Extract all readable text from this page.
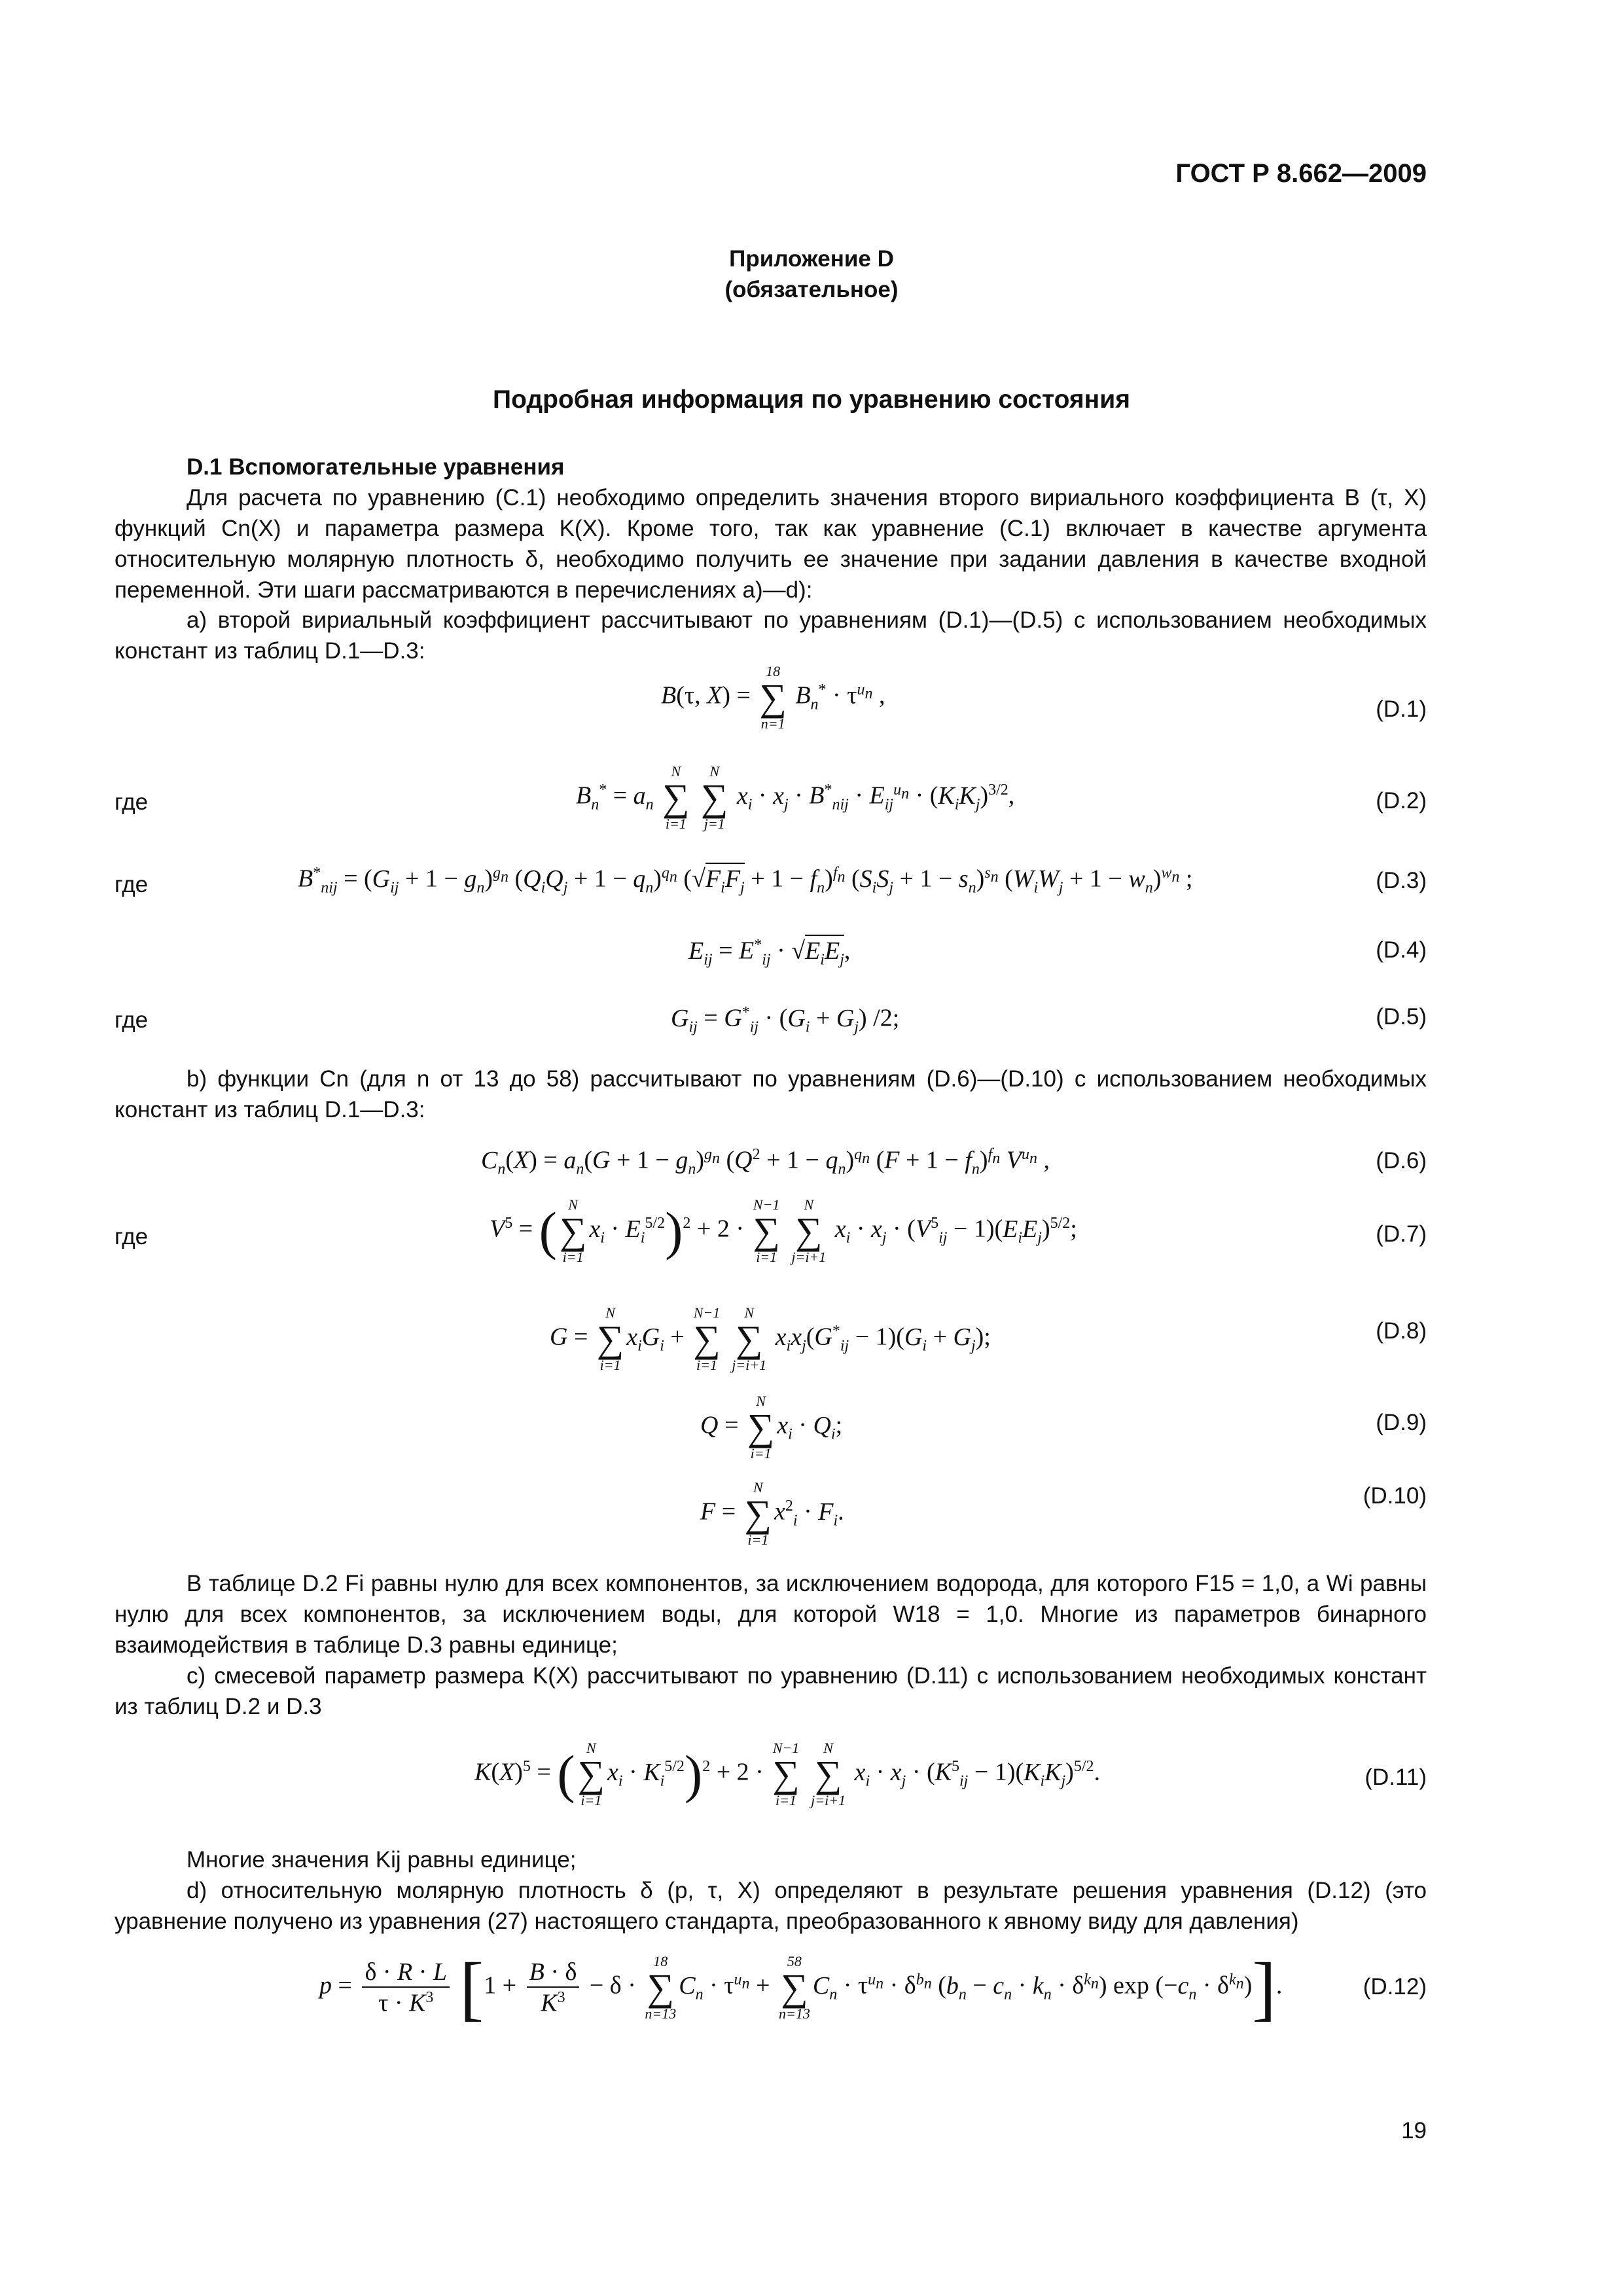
ГОСТ Р 8.662—2009
Приложение D
(обязательное)
Подробная информация по уравнению состояния
D.1 Вспомогательные уравнения
Для расчета по уравнению (С.1) необходимо определить значения второго вириального коэффициента B (τ, X) функций Cn(X) и параметра размера K(X). Кроме того, так как уравнение (С.1) включает в качестве аргумента относительную молярную плотность δ, необходимо получить ее значение при задании давления в качестве входной переменной. Эти шаги рассматриваются в перечислениях a)—d):
a) второй вириальный коэффициент рассчитывают по уравнениям (D.1)—(D.5) с использованием необходимых констант из таблиц D.1—D.3:
B(τ, X) =
18
∑
n=1
$B_n^* \cdot \tau^{u_n}$ ,	(D.1)
где	$B_n^* = a_n$
N
∑
i=1

N
∑
j=1
$x_i \cdot x_j \cdot B^*_{nij} \cdot E_{ij}^{u_n} \cdot (K_iK_j)^{3/2}$,	(D.2)
где	$B^*_{nij} = (G_{ij} + 1 - g_n)^{g_n}$ $(Q_iQ_j + 1 - q_n)^{q_n}$ $(√F_iF_j + 1 - f_n)^{f_n}$ $(S_iS_j + 1 - s_n)^{s_n}$ $(W_iW_j + 1 - w_n)^{w_n}$ ;	(D.3)
$E_{ij} = E^*_{ij} \cdot √E_iE_j$,	(D.4)
где	$G_{ij} = G^*_{ij} \cdot (G_i + G_j)$ /2;	(D.5)
b) функции Cn (для n от 13 до 58) рассчитывают по уравнениям (D.6)—(D.10) с использованием необходимых констант из таблиц D.1—D.3:
$C_n(X) = a_n(G + 1 - g_n)^{g_n}$ $(Q^2 + 1 - q_n)^{q_n}$ $(F + 1 - f_n)^{f_n}$ $V^{u_n}$ ,	(D.6)
где	$V^5$ = ( N
∑
i=1
$x_i \cdot E_i^{5/2})^2 + 2$ ·
N−1
∑
i=1

N
∑
j=i+1
$x_i \cdot x_j \cdot (V^5_{ij} - 1)(E_iE_j)^{5/2}$;	(D.7)
G =
N
∑
i=1
$x_iG_i$ +
N−1
∑
i=1

N
∑
j=i+1
$x_ix_j(G^*_{ij} - 1)(G_i + G_j)$;	(D.8)
Q =
N
∑
i=1
$x_i \cdot Q_i$;	(D.9)
F =
N
∑
i=1
$x^2_i \cdot F_i$.
(D.10)
В таблице D.2 Fi равны нулю для всех компонентов, за исключением водорода, для которого F15 = 1,0, а Wi равны нулю для всех компонентов, за исключением воды, для которой W18 = 1,0. Многие из параметров бинарного взаимодействия в таблице D.3 равны единице;
c) смесевой параметр размера K(X) рассчитывают по уравнению (D.11) с использованием необходимых констант из таблиц D.2 и D.3
$K(X)^5$ = ( N
∑
i=1
$x_i \cdot K_i^{5/2})^2 + 2$ ·
N−1
∑
i=1

N
∑
j=i+1
$x_i \cdot x_j \cdot (K^5_{ij} - 1)(K_iK_j)^{5/2}$.	(D.11)
Многие значения Kij равны единице;
d) относительную молярную плотность δ (p, τ, X) определяют в результате решения уравнения (D.12) (это уравнение получено из уравнения (27) настоящего стандарта, преобразованного к явному виду для давления)
$p = \frac{\delta \cdot R \cdot L}{\tau \cdot K^3} [1 + \frac{B \cdot \delta}{K^3} - \delta$ ·
18
∑
n=13
$C_n \cdot \tau^{u_n}$ +
58
∑
n=13
$C_n \cdot \tau^{u_n} \cdot \delta^{b_n}$ $(b_n - c_n \cdot k_n \cdot \delta^{k_n})$ $\exp (-c_n \cdot \delta^{k_n})$].	(D.12)
19
